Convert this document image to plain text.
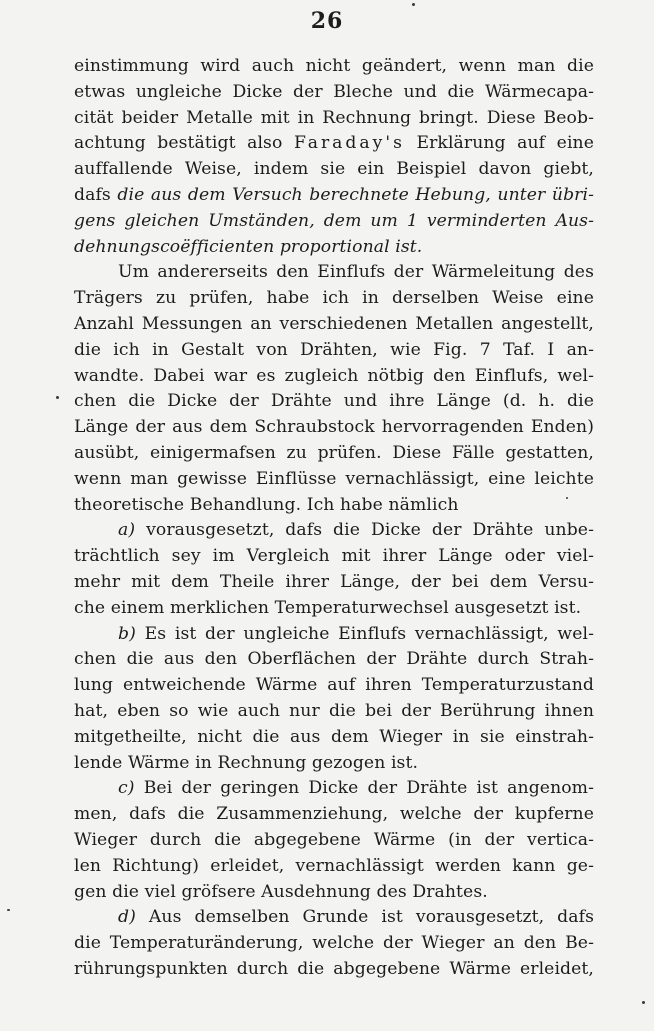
26
einstimmung wird auch nicht geändert, wenn man die
etwas ungleiche Dicke der Bleche und die Wärmecapa-
cität beider Metalle mit in Rechnung bringt. Diese Beob-
achtung bestätigt also Faraday's Erklärung auf eine
auffallende Weise, indem sie ein Beispiel davon giebt,
dafs die aus dem Versuch berechnete Hebung, unter übri-
gens gleichen Umständen, dem um 1 verminderten Aus-
dehnungscoëfficienten proportional ist.
Um andererseits den Einflufs der Wärmeleitung des
Trägers zu prüfen, habe ich in derselben Weise eine
Anzahl Messungen an verschiedenen Metallen angestellt,
die ich in Gestalt von Drähten, wie Fig. 7 Taf. I an-
wandte. Dabei war es zugleich nötbig den Einflufs, wel-
chen die Dicke der Drähte und ihre Länge (d. h. die
Länge der aus dem Schraubstock hervorragenden Enden)
ausübt, einigermafsen zu prüfen. Diese Fälle gestatten,
wenn man gewisse Einflüsse vernachlässigt, eine leichte
theoretische Behandlung. Ich habe nämlich
a) vorausgesetzt, dafs die Dicke der Drähte unbe-
trächtlich sey im Vergleich mit ihrer Länge oder viel-
mehr mit dem Theile ihrer Länge, der bei dem Versu-
che einem merklichen Temperaturwechsel ausgesetzt ist.
b) Es ist der ungleiche Einflufs vernachlässigt, wel-
chen die aus den Oberflächen der Drähte durch Strah-
lung entweichende Wärme auf ihren Temperaturzustand
hat, eben so wie auch nur die bei der Berührung ihnen
mitgetheilte, nicht die aus dem Wieger in sie einstrah-
lende Wärme in Rechnung gezogen ist.
c) Bei der geringen Dicke der Drähte ist angenom-
men, dafs die Zusammenziehung, welche der kupferne
Wieger durch die abgegebene Wärme (in der vertica-
len Richtung) erleidet, vernachlässigt werden kann ge-
gen die viel gröfsere Ausdehnung des Drahtes.
d) Aus demselben Grunde ist vorausgesetzt, dafs
die Temperaturänderung, welche der Wieger an den Be-
rührungspunkten durch die abgegebene Wärme erleidet,
